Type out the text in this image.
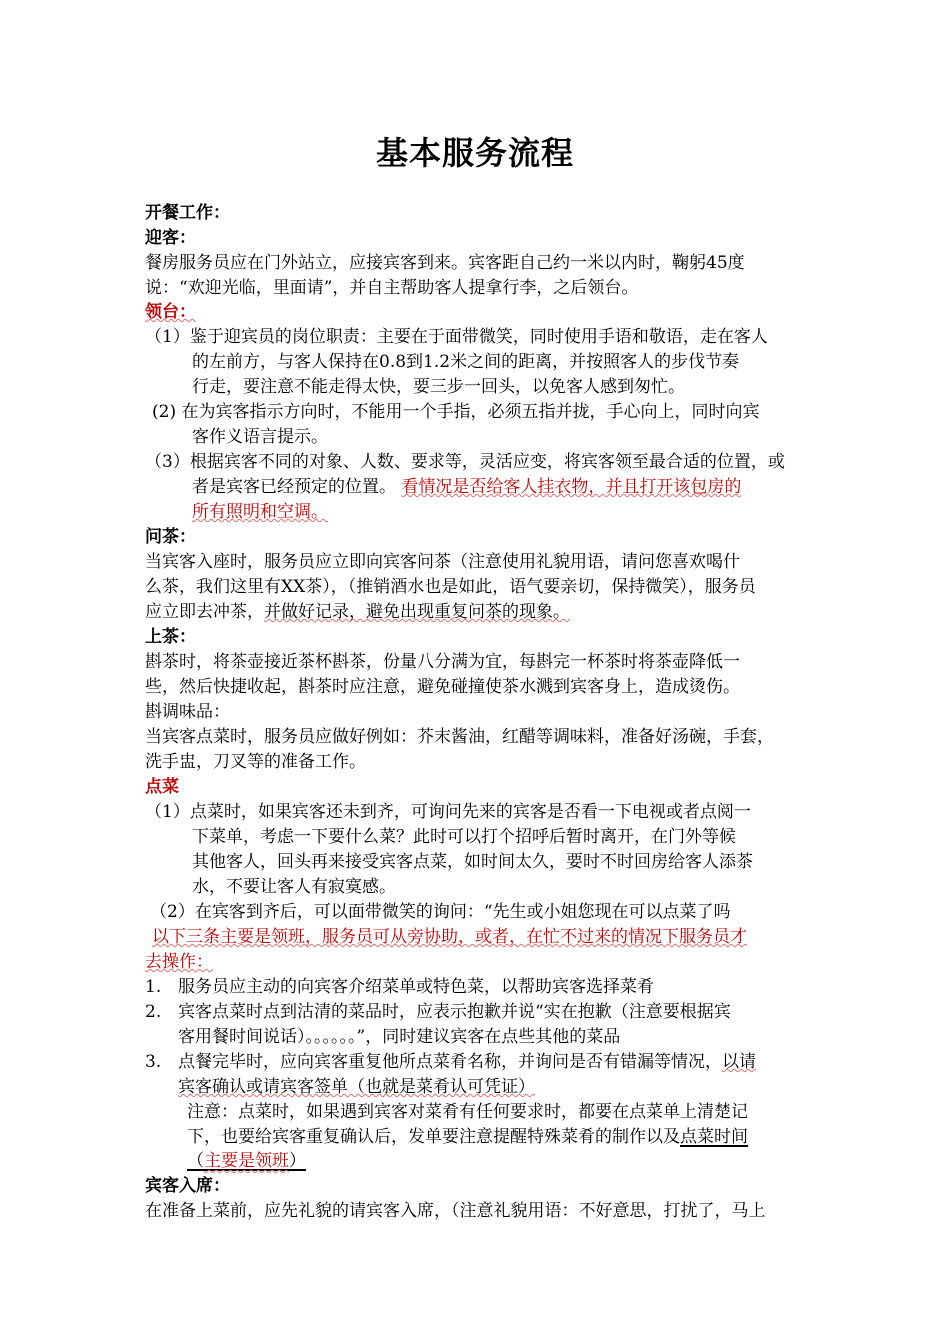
基本服务流程
开餐工作：
迎客：
餐房服务员应在门外站立，应接宾客到来。宾客距自己约一米以内时，鞠躬45度
说：“欢迎光临，里面请”，并自主帮助客人提拿行李，之后领台。
领台：
（1）鉴于迎宾员的岗位职责：主要在于面带微笑，同时使用手语和敬语，走在客人
的左前方，与客人保持在0.8到1.2米之间的距离，并按照客人的步伐节奏
行走，要注意不能走得太快，要三步一回头，以免客人感到匆忙。
(2) 在为宾客指示方向时，不能用一个手指，必须五指并拢，手心向上，同时向宾
客作义语言提示。
（3）根据宾客不同的对象、人数、要求等，灵活应变，将宾客领至最合适的位置，或
者是宾客已经预定的位置。 看情况是否给客人挂衣物，并且打开该包房的
所有照明和空调。
问茶：
当宾客入座时，服务员应立即向宾客问茶（注意使用礼貌用语，请问您喜欢喝什
么茶，我们这里有XX茶），（推销酒水也是如此，语气要亲切，保持微笑），服务员
应立即去冲茶，并做好记录，避免出现重复问茶的现象。
上茶：
斟茶时，将茶壶接近茶杯斟茶，份量八分满为宜，每斟完一杯茶时将茶壶降低一
些，然后快捷收起，斟茶时应注意，避免碰撞使茶水溅到宾客身上，造成烫伤。
斟调味品：
当宾客点菜时，服务员应做好例如：芥末酱油，红醋等调味料，准备好汤碗，手套，
洗手盅，刀叉等的准备工作。
点菜
（1）点菜时，如果宾客还未到齐，可询问先来的宾客是否看一下电视或者点阅一
下菜单，考虑一下要什么菜？此时可以打个招呼后暂时离开，在门外等候
其他客人，回头再来接受宾客点菜，如时间太久，要时不时回房给客人添茶
水，不要让客人有寂寞感。
（2）在宾客到齐后，可以面带微笑的询问：“先生或小姐您现在可以点菜了吗
以下三条主要是领班，服务员可从旁协助，或者，在忙不过来的情况下服务员才
去操作：
1. 服务员应主动的向宾客介绍菜单或特色菜，以帮助宾客选择菜肴
2. 宾客点菜时点到沽清的菜品时，应表示抱歉并说“实在抱歉（注意要根据宾
客用餐时间说话）。。。。。。”，同时建议宾客在点些其他的菜品
3. 点餐完毕时，应向宾客重复他所点菜肴名称，并询问是否有错漏等情况，以请
宾客确认或请宾客签单（也就是菜肴认可凭证）
注意：点菜时，如果遇到宾客对菜肴有任何要求时，都要在点菜单上清楚记
下，也要给宾客重复确认后，发单要注意提醒特殊菜肴的制作以及点菜时间
（主要是领班）
宾客入席：
在准备上菜前，应先礼貌的请宾客入席，（注意礼貌用语：不好意思，打扰了，马上
